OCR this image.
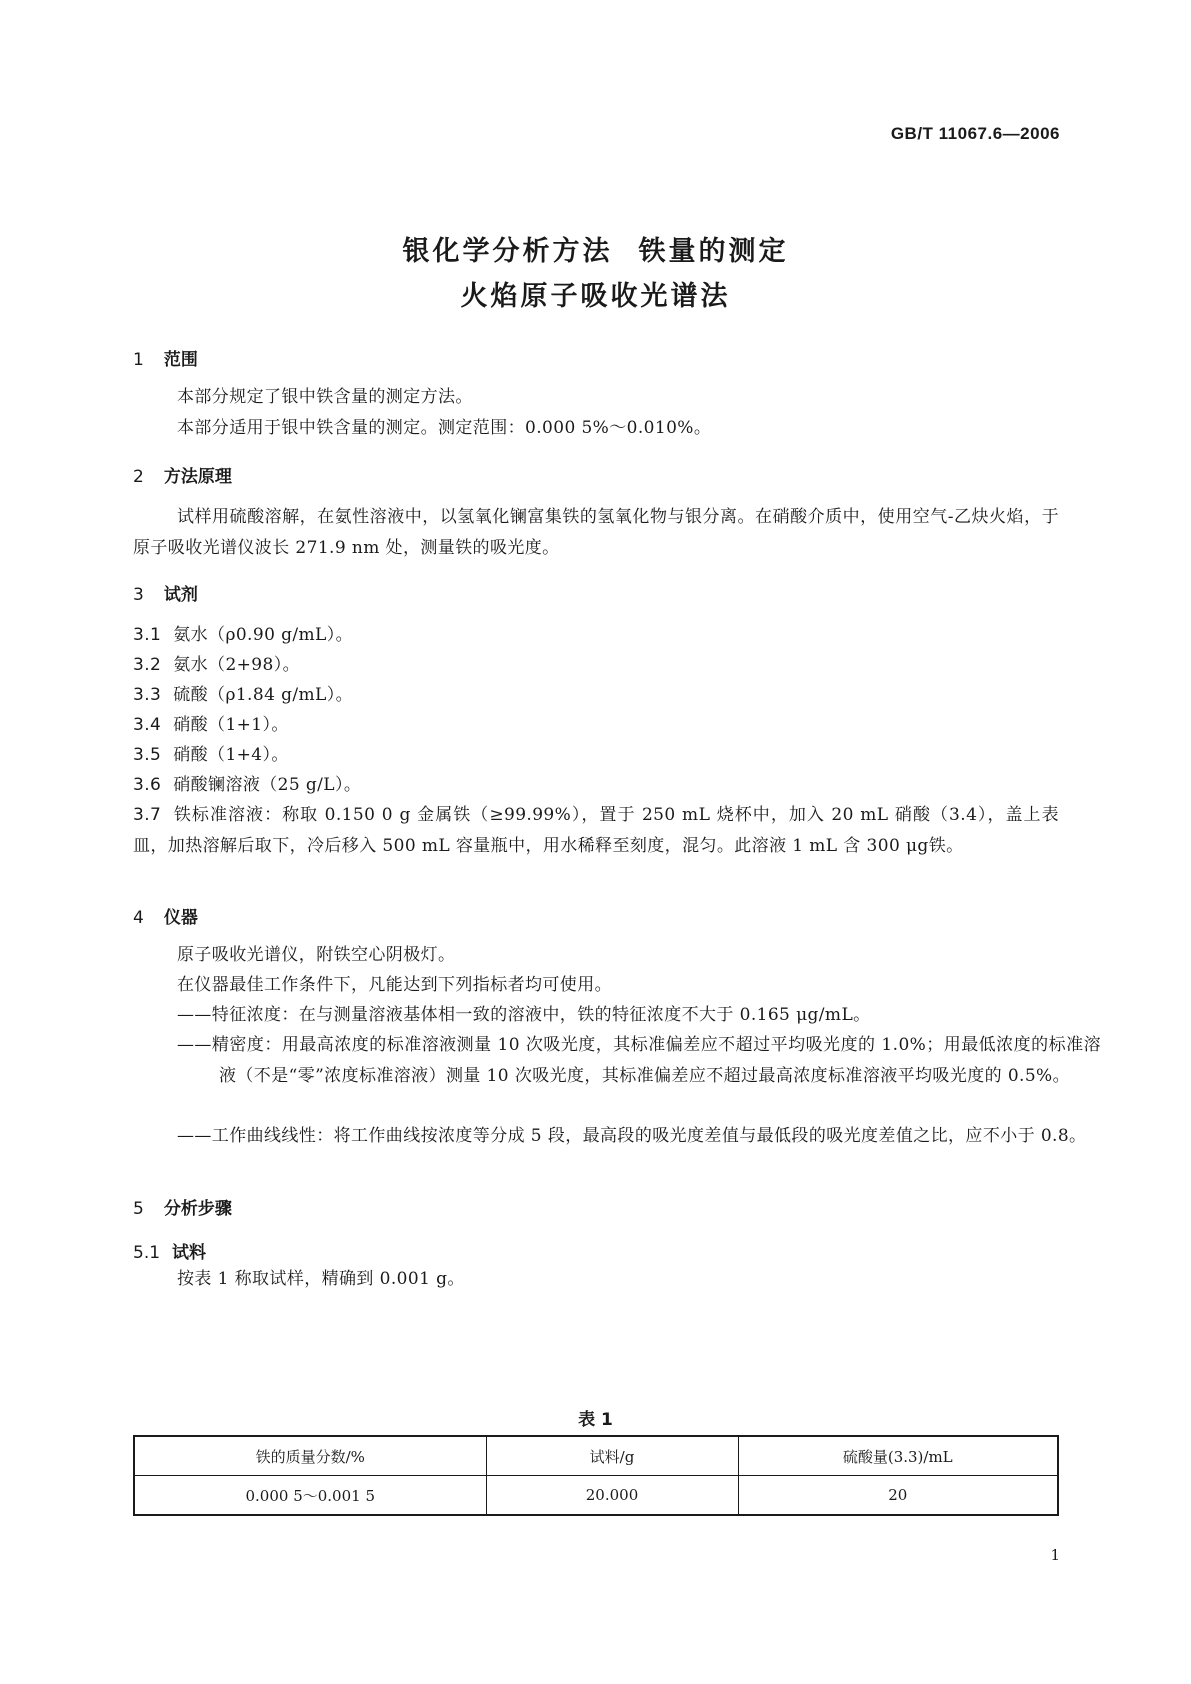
GB/T 11067.6—2006
银化学分析方法 铁量的测定
火焰原子吸收光谱法
1 范围
本部分规定了银中铁含量的测定方法。
本部分适用于银中铁含量的测定。测定范围：0.000 5%～0.010%。
2 方法原理
试样用硫酸溶解，在氨性溶液中，以氢氧化镧富集铁的氢氧化物与银分离。在硝酸介质中，使用空气-乙炔火焰，于原子吸收光谱仪波长 271.9 nm 处，测量铁的吸光度。
3 试剂
3.1 氨水（ρ0.90 g/mL）。
3.2 氨水（2+98）。
3.3 硫酸（ρ1.84 g/mL）。
3.4 硝酸（1+1）。
3.5 硝酸（1+4）。
3.6 硝酸镧溶液（25 g/L）。
3.7 铁标准溶液：称取 0.150 0 g 金属铁（≥99.99%），置于 250 mL 烧杯中，加入 20 mL 硝酸（3.4），盖上表皿，加热溶解后取下，冷后移入 500 mL 容量瓶中，用水稀释至刻度，混匀。此溶液 1 mL 含 300 μg铁。
4 仪器
原子吸收光谱仪，附铁空心阴极灯。
在仪器最佳工作条件下，凡能达到下列指标者均可使用。
——特征浓度：在与测量溶液基体相一致的溶液中，铁的特征浓度不大于 0.165 μg/mL。
——精密度：用最高浓度的标准溶液测量 10 次吸光度，其标准偏差应不超过平均吸光度的 1.0%；用最低浓度的标准溶液（不是“零”浓度标准溶液）测量 10 次吸光度，其标准偏差应不超过最高浓度标准溶液平均吸光度的 0.5%。
——工作曲线线性：将工作曲线按浓度等分成 5 段，最高段的吸光度差值与最低段的吸光度差值之比，应不小于 0.8。
5 分析步骤
5.1 试料
按表 1 称取试样，精确到 0.001 g。
表 1
铁的质量分数/%	试料/g	硫酸量(3.3)/mL
0.000 5～0.001 5	20.000	20
1
